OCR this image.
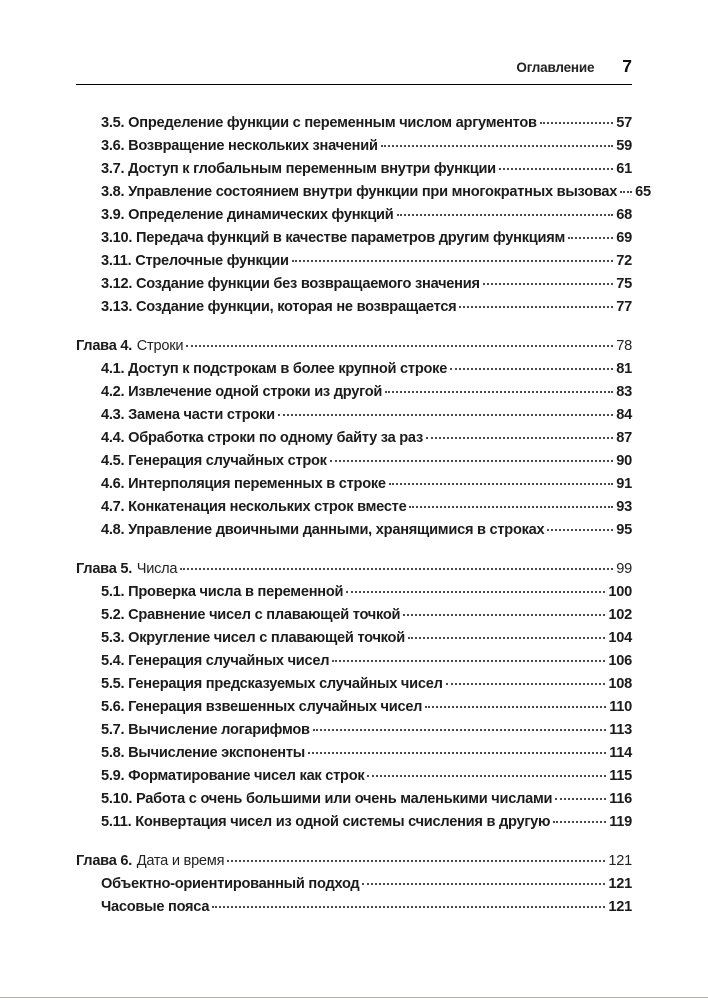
Оглавление 7
3.5. Определение функции с переменным числом аргументов	57
3.6. Возвращение нескольких значений	59
3.7. Доступ к глобальным переменным внутри функции	61
3.8. Управление состоянием внутри функции при многократных вызовах 65
3.9. Определение динамических функций	68
3.10. Передача функций в качестве параметров другим функциям	69
3.11. Стрелочные функции	72
3.12. Создание функции без возвращаемого значения	75
3.13. Создание функции, которая не возвращается	77
Глава 4. Строки	78
4.1. Доступ к подстрокам в более крупной строке	81
4.2. Извлечение одной строки из другой	83
4.3. Замена части строки	84
4.4. Обработка строки по одному байту за раз	87
4.5. Генерация случайных строк	90
4.6. Интерполяция переменных в строке	91
4.7. Конкатенация нескольких строк вместе	93
4.8. Управление двоичными данными, хранящимися в строках	95
Глава 5. Числа	99
5.1. Проверка числа в переменной	100
5.2. Сравнение чисел с плавающей точкой	102
5.3. Округление чисел с плавающей точкой	104
5.4. Генерация случайных чисел	106
5.5. Генерация предсказуемых случайных чисел	108
5.6. Генерация взвешенных случайных чисел	110
5.7. Вычисление логарифмов	113
5.8. Вычисление экспоненты	114
5.9. Форматирование чисел как строк	115
5.10. Работа с очень большими или очень маленькими числами	116
5.11. Конвертация чисел из одной системы счисления в другую	119
Глава 6. Дата и время	121
Объектно-ориентированный подход	121
Часовые пояса	121
